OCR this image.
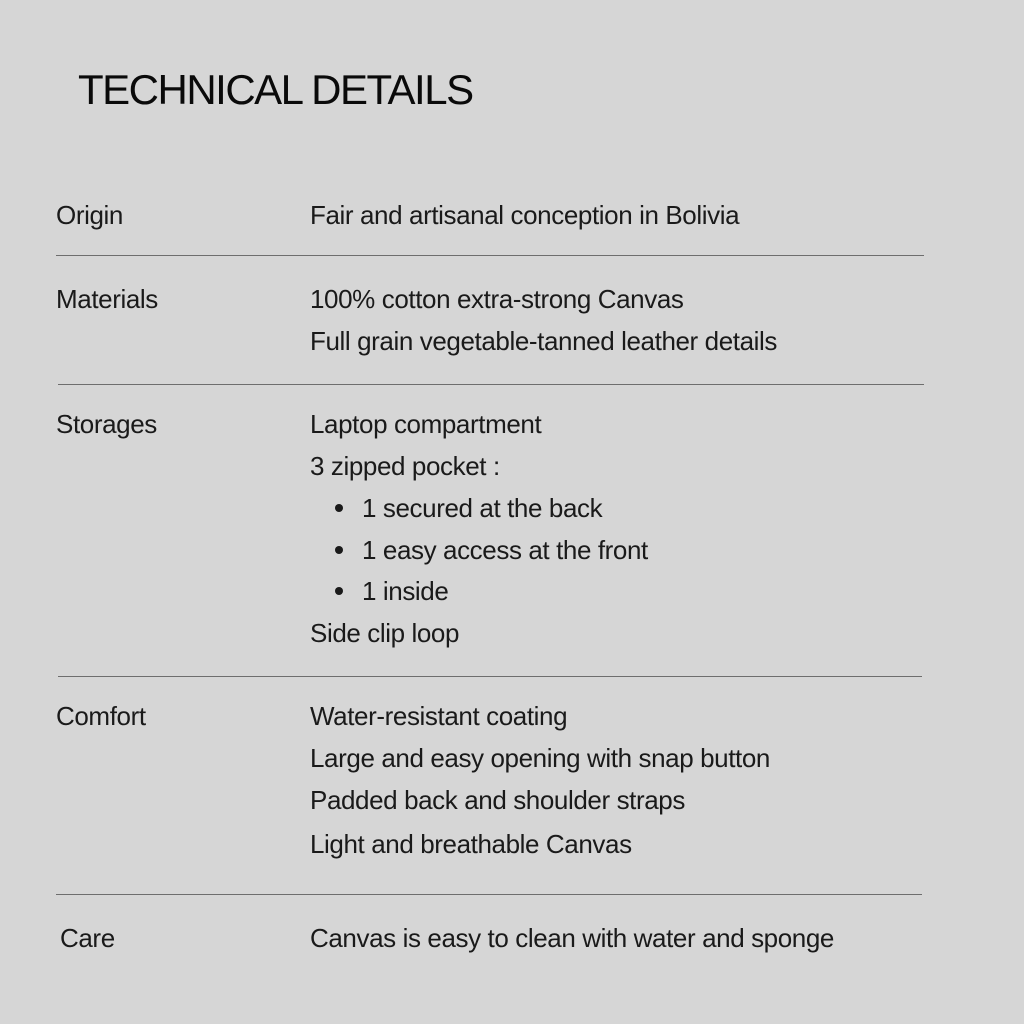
TECHNICAL DETAILS
Origin	Fair and artisanal conception in Bolivia
Materials	100% cotton extra-strong Canvas
Full grain vegetable-tanned leather details
Storages	Laptop compartment
3 zipped pocket :
1 secured at the back
1 easy access at the front
1 inside
Side clip loop
Comfort	Water-resistant coating
Large and easy opening with snap button
Padded back and shoulder straps
Light and breathable Canvas
Care	Canvas is easy to clean with water and sponge
